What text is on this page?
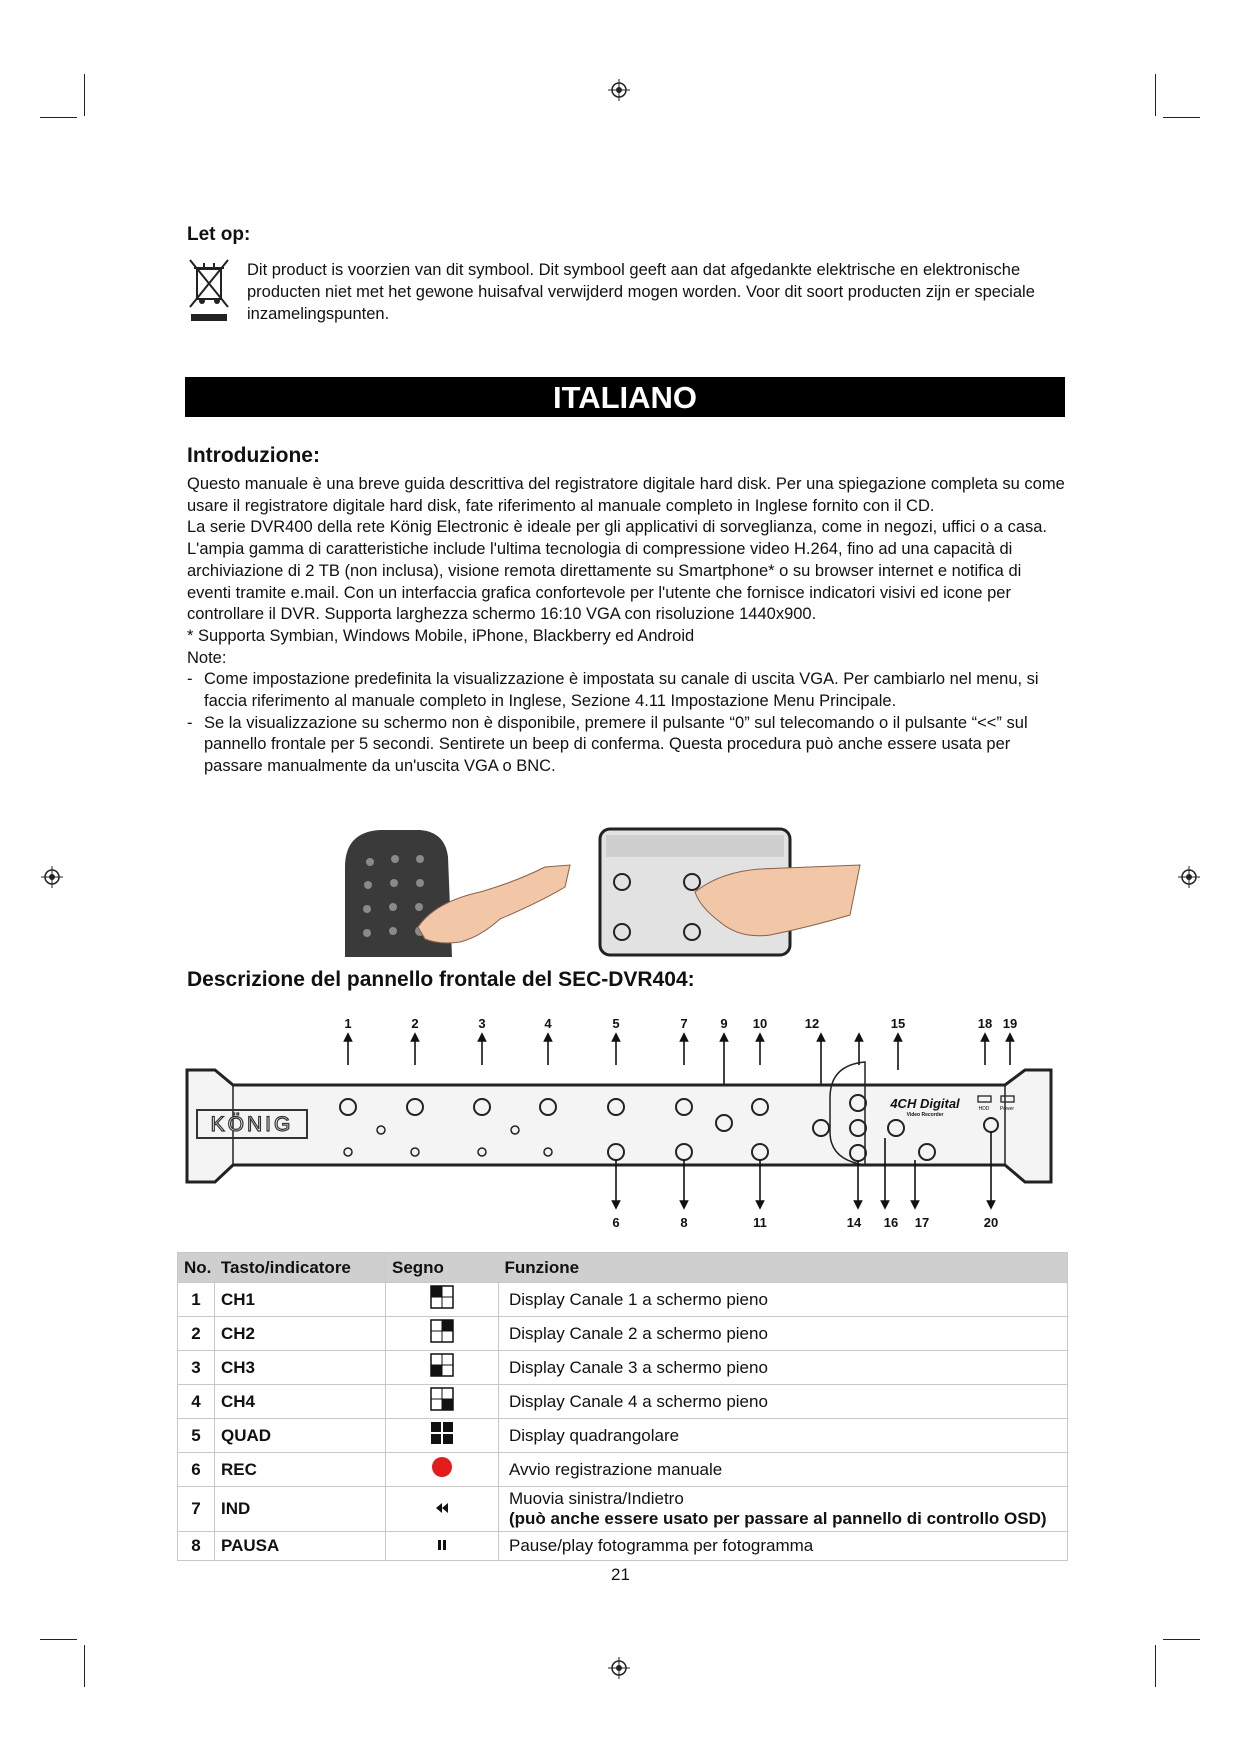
Let op:
Dit product is voorzien van dit symbool. Dit symbool geeft aan dat afgedankte elektrische en elektronische producten niet met het gewone huisafval verwijderd mogen worden. Voor dit soort producten zijn er speciale inzamelingspunten.
ITALIANO
Introduzione:

Questo manuale è una breve guida descrittiva del registratore digitale hard disk. Per una spiegazione completa su come usare il registratore digitale hard disk, fate riferimento al manuale completo in Inglese fornito con il CD.

La serie DVR400 della rete König Electronic è ideale per gli applicativi di sorveglianza, come in negozi, uffici o a casa. L'ampia gamma di caratteristiche include l'ultima tecnologia di compressione video H.264, fino ad una capacità di archiviazione di 2 TB (non inclusa), visione remota direttamente su Smartphone* o su browser internet e notifica di eventi tramite e.mail. Con un interfaccia grafica confortevole per l'utente che fornisce indicatori visivi ed icone per controllare il DVR. Supporta larghezza schermo 16:10 VGA con risoluzione 1440x900.

* Supporta Symbian, Windows Mobile, iPhone, Blackberry ed Android

Note:

- Come impostazione predefinita la visualizzazione è impostata su canale di uscita VGA. Per cambiarlo nel menu, si faccia riferimento al manuale completo in Inglese, Sezione 4.11 Impostazione Menu Principale.
- Se la visualizzazione su schermo non è disponibile, premere il pulsante “0” sul telecomando o il pulsante “<<” sul pannello frontale per 5 secondi. Sentirete un beep di conferma. Questa procedura può anche essere usata per passare manualmente da un'uscita VGA o BNC.
Descrizione del pannello frontale del SEC-DVR404:
1	2	3	4	5	7	9 10	12	15	18 19
KÖNIG
4CH Digital
Video Recorder
HDD Power
6	8	11	14 16 17	20
No. Tasto/indicatore		Segno	Funzione
1	CH1		Display Canale 1 a schermo pieno
2	CH2		Display Canale 2 a schermo pieno
3	CH3		Display Canale 3 a schermo pieno
4	CH4		Display Canale 4 a schermo pieno
5	QUAD		Display quadrangolare
6	REC		Avvio registrazione manuale
7	IND		Muovia sinistra/Indietro
(può anche essere usato per passare al pannello di controllo OSD)

8	PAUSA		Pause/play fotogramma per fotogramma
21
